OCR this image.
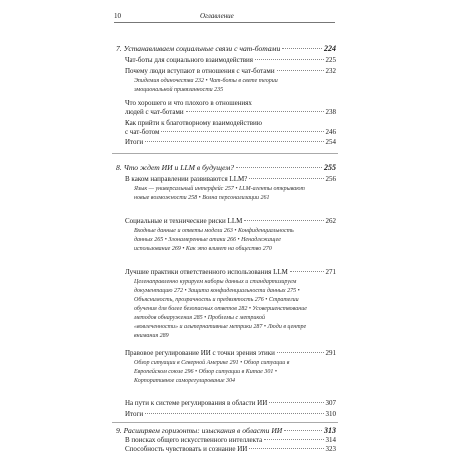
10	Оглавление
7. Устанавливаем социальные связи с чат-ботами	224
Чат-боты для социального взаимодействия	225
Почему люди вступают в отношения с чат-ботами	232
Эпидемия одиночества 232 • Чат-боты в свете теории эмоциональной привязанности 235
Что хорошего и что плохого в отношениях
людей с чат-ботами	238
Как прийти к благотворному взаимодействию
с чат-ботом	246
Итоги	254
8. Что ждет ИИ и LLM в будущем?	255
В каком направлении развиваются LLM?	256
Язык — универсальный интерфейс 257 • LLM-агенты открывают новые возможности 258 • Волна персонализации 261
Социальные и технические риски LLM	262
Входные данные и ответы модели 263 • Конфиденциальность данных 265 • Злонамеренные атаки 266 • Ненадлежащее использование 269 • Как это влияет на общество 270
Лучшие практики ответственного использования LLM	271
Целенаправленно курируем наборы данных и стандартизируем документацию 272 • Защита конфиденциальности данных 275 • Объяснимость, прозрачность и предвзятость 276 • Стратегии обучения для более безопасных ответов 282 • Усовершенствование методов обнаружения 285 • Проблемы с метрикой «вовлеченности» и альтернативные метрики 287 • Люди в центре внимания 289
Правовое регулирование ИИ с точки зрения этики	291
Обзор ситуации в Северной Америке 291 • Обзор ситуации в Европейском союзе 296 • Обзор ситуации в Китае 301 • Корпоративное саморегулирование 304
На пути к системе регулирования в области ИИ	307
Итоги	310
9. Расширяем горизонты: изыскания в области ИИ	313
В поисках общего искусственного интеллекта	314
Способность чувствовать и сознание ИИ	323
